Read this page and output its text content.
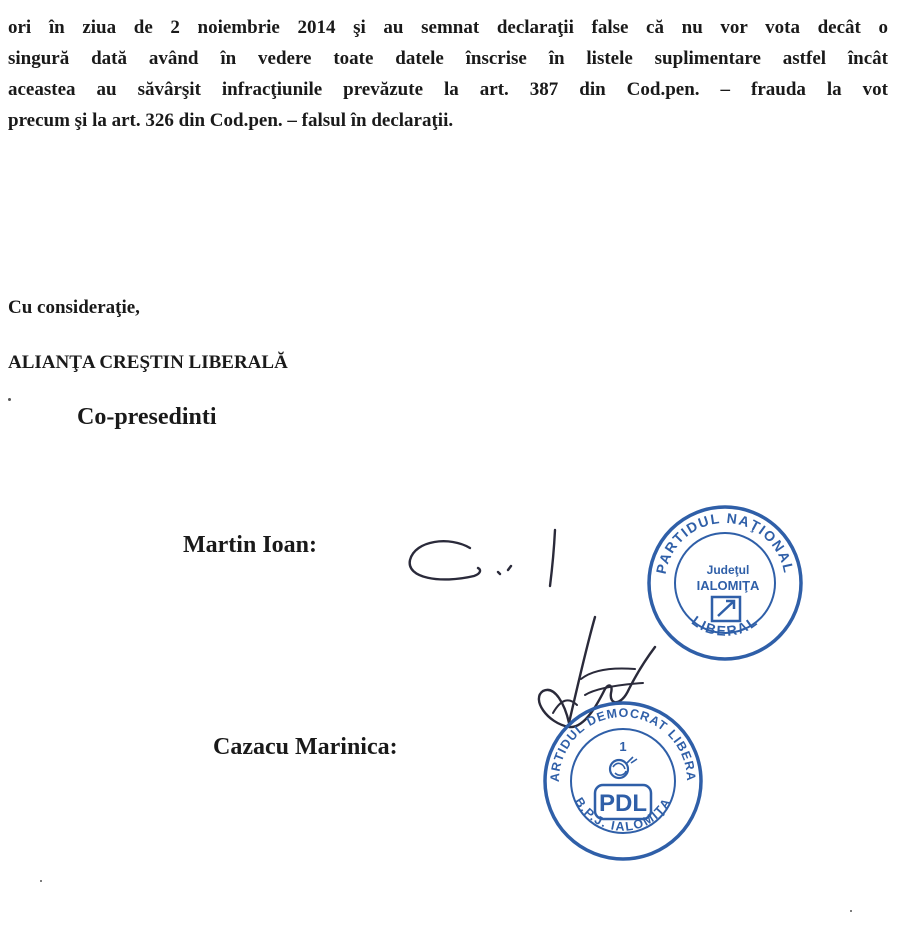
ori în ziua de 2 noiembrie 2014 şi au semnat declaraţii false că nu vor vota decât o
singură dată având în vedere toate datele înscrise în listele suplimentare astfel încât
aceastea au săvârşit infracţiunile prevăzute la art. 387 din Cod.pen. – frauda la vot
precum şi la art. 326 din Cod.pen. – falsul în declaraţii.

Cu consideraţie,

ALIANŢA CREŞTIN LIBERALĂ

Co-presedinti

Martin Ioan:

Cazacu Marinica:

PARTIDUL NAŢIONAL
LIBERAL
Judeţul
IALOMIŢA
PARTIDUL DEMOCRAT LIBERAL
B.P.J. IALOMIŢA
1
PDL
